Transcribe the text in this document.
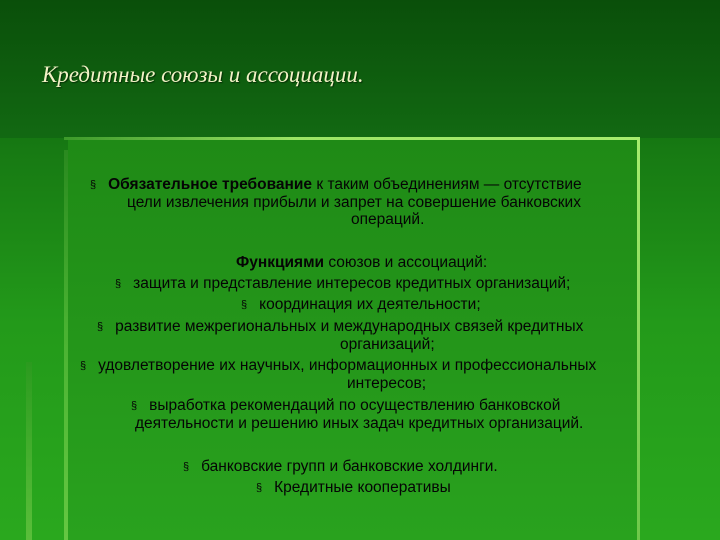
Кредитные союзы и ассоциации.
§ Обязательное требование к таким объединениям — отсутствие
цели извлечения прибыли и запрет на совершение банковских
операций.
Функциями союзов и ассоциаций:
§ защита и представление интересов кредитных организаций;
§ координация их деятельности;
§ развитие межрегиональных и международных связей кредитных
организаций;
§ удовлетворение их научных, информационных и профессиональных
интересов;
§ выработка рекомендаций по осуществлению банковской
деятельности и решению иных задач кредитных организаций.
§ банковские групп и банковские холдинги.
§ Кредитные кооперативы
